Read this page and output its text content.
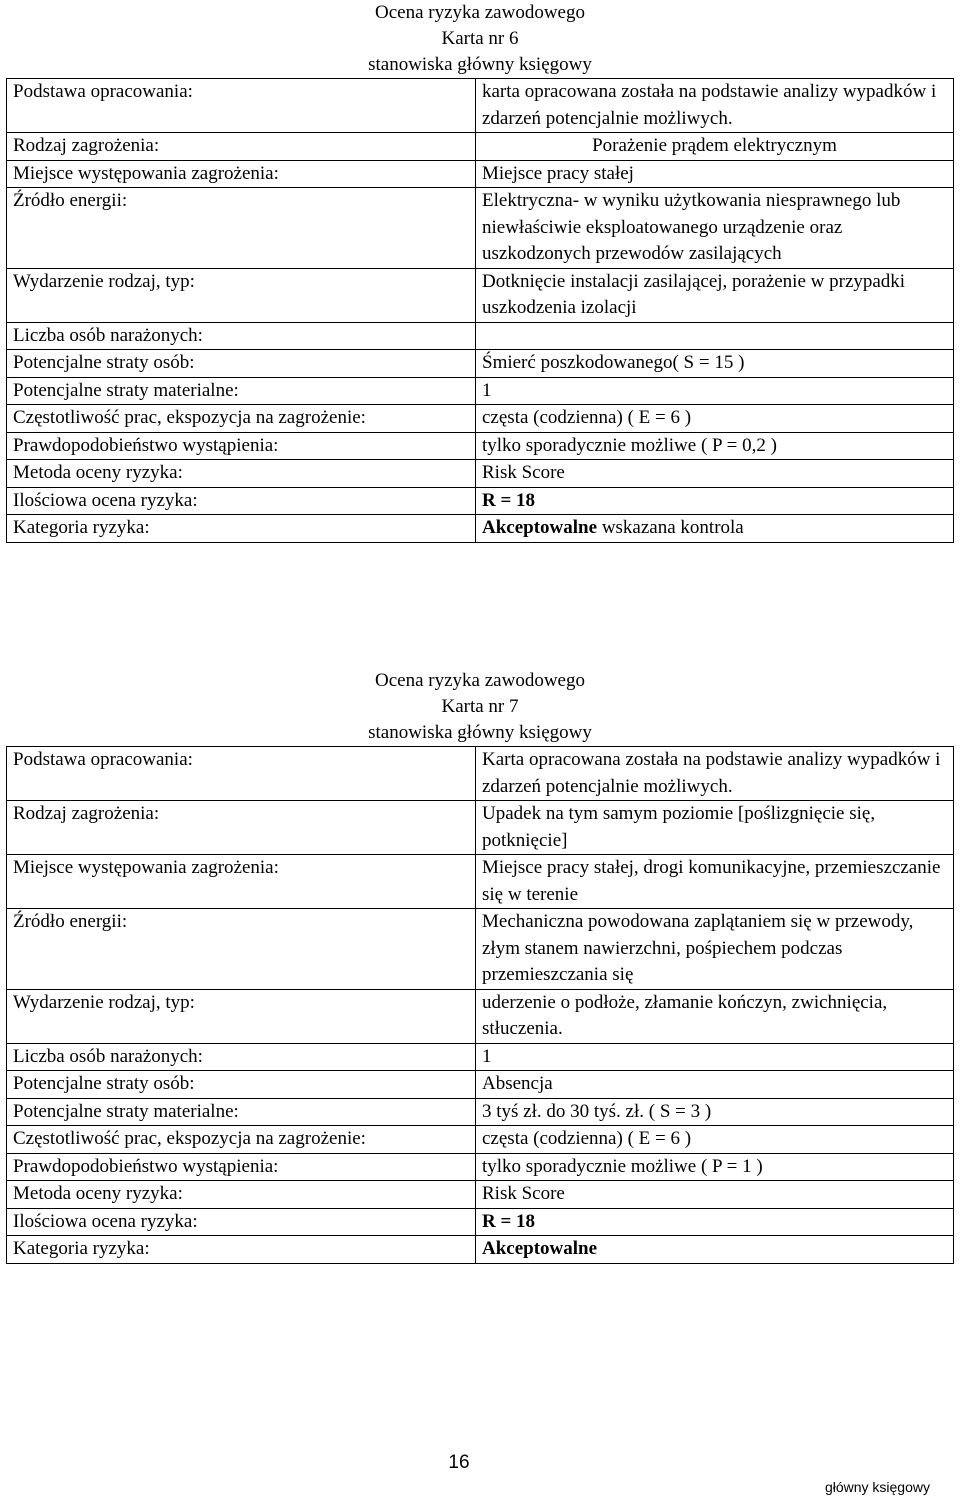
Ocena ryzyka zawodowego
Karta nr 6
stanowiska główny księgowy
Podstawa opracowania:	karta opracowana została na podstawie analizy wypadków i zdarzeń potencjalnie możliwych.
Rodzaj zagrożenia:	Porażenie prądem elektrycznym
Miejsce występowania zagrożenia:	Miejsce pracy stałej
Źródło energii:	Elektryczna- w wyniku użytkowania niesprawnego lub niewłaściwie eksploatowanego urządzenie oraz uszkodzonych przewodów zasilających
Wydarzenie rodzaj, typ:	Dotknięcie instalacji zasilającej, porażenie w przypadki uszkodzenia izolacji
Liczba osób narażonych:	
Potencjalne straty osób:	Śmierć poszkodowanego( S = 15 )
Potencjalne straty materialne:	1
Częstotliwość prac, ekspozycja na zagrożenie:	częsta (codzienna) ( E = 6 )
Prawdopodobieństwo wystąpienia:	tylko sporadycznie możliwe ( P = 0,2 )
Metoda oceny ryzyka:	Risk Score
Ilościowa ocena ryzyka:	R = 18
Kategoria ryzyka:	Akceptowalne wskazana kontrola
Ocena ryzyka zawodowego
Karta nr 7
stanowiska główny księgowy
Podstawa opracowania:	Karta opracowana została na podstawie analizy wypadków i zdarzeń potencjalnie możliwych.
Rodzaj zagrożenia:	Upadek na tym samym poziomie [poślizgnięcie się, potknięcie]
Miejsce występowania zagrożenia:	Miejsce pracy stałej, drogi komunikacyjne, przemieszczanie się w terenie
Źródło energii:	Mechaniczna powodowana zaplątaniem się w przewody, złym stanem nawierzchni, pośpiechem podczas przemieszczania się
Wydarzenie rodzaj, typ:	uderzenie o podłoże, złamanie kończyn, zwichnięcia, stłuczenia.
Liczba osób narażonych:	1
Potencjalne straty osób:	Absencja
Potencjalne straty materialne:	3 tyś zł. do 30 tyś. zł. ( S = 3 )
Częstotliwość prac, ekspozycja na zagrożenie:	częsta (codzienna) ( E = 6 )
Prawdopodobieństwo wystąpienia:	tylko sporadycznie możliwe ( P = 1 )
Metoda oceny ryzyka:	Risk Score
Ilościowa ocena ryzyka:	R = 18
Kategoria ryzyka:	Akceptowalne
16
główny księgowy
